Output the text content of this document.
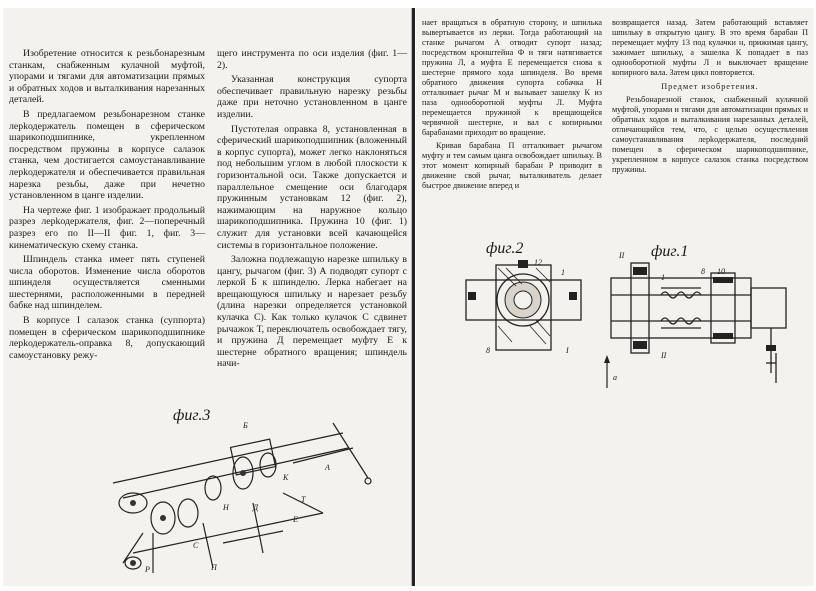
Изобретение относится к резьбонарезным станкам, снабженным кулачной муфтой, упорами и тягами для автоматизации прямых и обратных ходов и выталкивания нарезанных деталей.

В предлагаемом резьбонарезном станке лерkодержатель помещен в сферическом шарикоподшипнике, укрепленном посредством пружины в корпусе салазок станка, чем достигается самоустанавливание лерkодержателя и обеспечивается правильная нарезка резьбы, даже при нечетно установленном в цанге изделии.

На чертеже фиг. 1 изображает продольный разрез лерkодержателя, фиг. 2—поперечный разрез его по II—II фиг. 1, фиг. 3—кинематическую схему станка.

Шпиндель станка имеет пять ступеней числа оборотов. Изменение числа оборотов шпинделя осуществляется сменными шестернями, расположенными в передней бабке над шпинделем.

В корпусе I салазок станка (суппорта) помещен в сферическом шарикоподшипнике лерkодержатель-оправка 8, допускающий самоустановку режу-

щего инструмента по оси изделия (фиг. 1—2).

Указанная конструкция супорта обеспечивает правильную нарезку резьбы даже при неточно установленном в цанге изделии.

Пустотелая оправка 8, установленная в сферический шарикоподшипник (вложенный в корпус супорта), может легко наклоняться под небольшим углом в любой плоскости к горизонтальной оси. Также допускается и параллельное смещение оси благодаря пружинным установкам 12 (фиг. 2), нажимающим на наружное кольцо шарикоподшипника. Пружина 10 (фиг. 1) служит для установки всей качающейся системы в горизонтальное положение.

Заложна подлежащую нарезке шпильку в цангу, рычагом (фиг. 3) А подводят супорт с леркой Б к шпинделю. Лерка набегает на врещающуюся шпильку и нарезает резьбу (длина нарезки определяется установкой кулачка С). Как только кулачок С сдвинет рычажок Т, переключатель освобождает тягу, и пружина Д перемещает муфту Е к шестерне обратного вращения; шпиндель начи-

фиг.3
Б
А
К
Д
Н
Т
Е
С
Р	П

нает вращаться в обратную сторону, и шпилька вывертывается из лерки. Тогда работающий на станке рычагом А отводит супорт назад; посредством кронштейна Ф и тяги натягивается пружина Л, а муфта Е перемещается снова к шестерне прямого хода шпинделя. Во время обратного движения супорта собачка Н отталкивает рычаг М и вызывает зашелку К из паза однооборотной муфты Л. Муфта перемещается пружиной к врещающейся червячной шестерне, и вал с копирными барабанами приходит во вращение.

Кривая барабана П отталкивает рычагом муфту и тем самым цанга освобождает шпильку. В этот момент копирный барабан Р приводит в движение свой рычаг, выталкиватель делает быстрое движение вперед и

возвращается назад. Затем работающий вставляет шпильку в открытую цангу. В это время барабан П перемещает муфту 13 под кулачки н, прижимая цангу, зажимает шпильку, а зашелка К попадает в паз однооборотной муфты Л и выключает вращение копирного вала. Затем цикл повторяется.

Предмет изобретения.

Резьбонарезной станок, снабженный кулачной муфтой, упорами и тягами для автоматизации прямых и обратных ходов и выталкивания нарезанных деталей, отличающийся тем, что, с целью осуществления самоустанавливания лерkодержателя, последний помещен в сферическом шарикоподшипнике, укрепленном в корпусе салазок станка посредством пружины.

фиг.2
12
1
8	I
фиг.1
II
1
8 10
II
а
